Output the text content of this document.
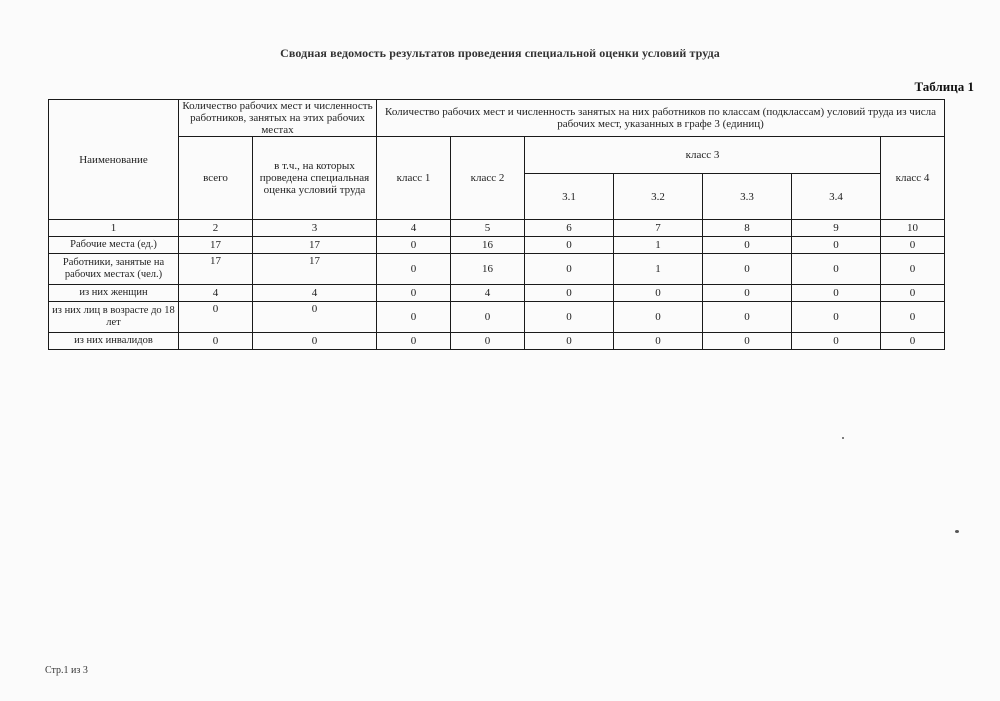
Сводная ведомость результатов проведения специальной оценки условий труда
Таблица 1
Наименование	Количество рабочих мест и численность работников, занятых на этих рабочих местах		Количество рабочих мест и численность занятых на них работников по классам (подклассам) условий труда из числа рабочих мест, указанных в графе 3 (единиц)						
	всего	в т.ч., на которых проведена специальная оценка условий труда	класс 1	класс 2	класс 3				класс 4
					3.1	3.2	3.3	3.4	
1	2	3	4	5	6	7	8	9	10
Рабочие места (ед.)	17	17	0	16	0	1	0	0	0
Работники, занятые на рабочих местах (чел.)	17	17	0	16	0	1	0	0	0
из них женщин	4	4	0	4	0	0	0	0	0
из них лиц в возрасте до 18 лет	0	0	0	0	0	0	0	0	0
из них инвалидов	0	0	0	0	0	0	0	0	0
Стр.1 из 3
